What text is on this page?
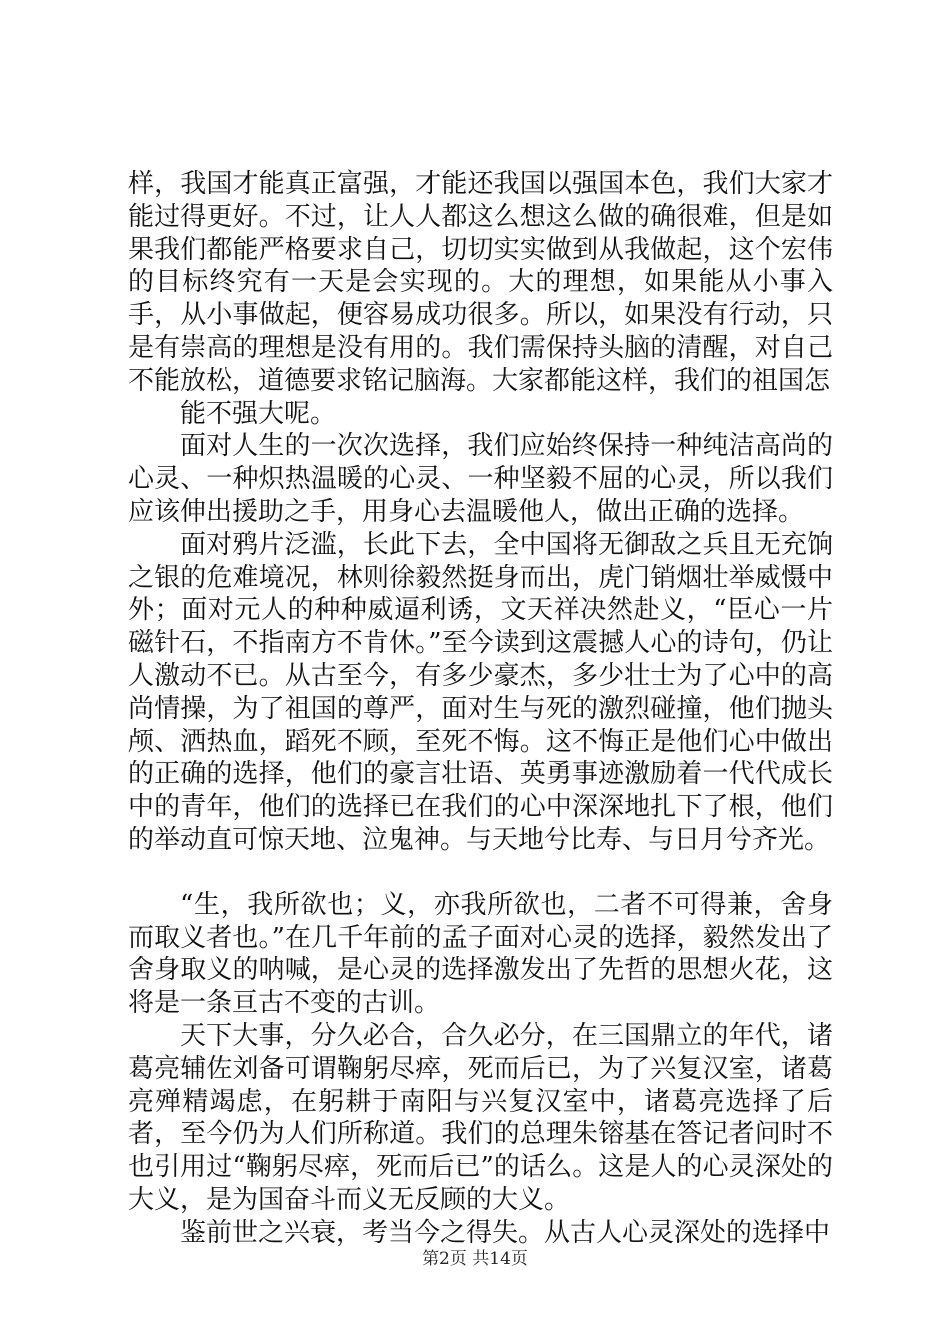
样，我国才能真正富强，才能还我国以强国本色，我们大家才能过得更好。不过，让人人都这么想这么做的确很难，但是如果我们都能严格要求自己，切切实实做到从我做起，这个宏伟的目标终究有一天是会实现的。大的理想，如果能从小事入手，从小事做起，便容易成功很多。所以，如果没有行动，只是有崇高的理想是没有用的。我们需保持头脑的清醒，对自己不能放松，道德要求铭记脑海。大家都能这样，我们的祖国怎

能不强大呢。

面对人生的一次次选择，我们应始终保持一种纯洁高尚的心灵、一种炽热温暖的心灵、一种坚毅不屈的心灵，所以我们应该伸出援助之手，用身心去温暖他人，做出正确的选择。

面对鸦片泛滥，长此下去，全中国将无御敌之兵且无充饷之银的危难境况，林则徐毅然挺身而出，虎门销烟壮举威慑中外；面对元人的种种威逼利诱，文天祥决然赴义，“臣心一片磁针石，不指南方不肯休。”至今读到这震撼人心的诗句，仍让人激动不已。从古至今，有多少豪杰，多少壮士为了心中的高尚情操，为了祖国的尊严，面对生与死的激烈碰撞，他们抛头颅、洒热血，蹈死不顾，至死不悔。这不悔正是他们心中做出的正确的选择，他们的豪言壮语、英勇事迹激励着一代代成长中的青年，他们的选择已在我们的心中深深地扎下了根，他们的举动直可惊天地、泣鬼神。与天地兮比寿、与日月兮齐光。

“生，我所欲也；义，亦我所欲也，二者不可得兼，舍身而取义者也。”在几千年前的孟子面对心灵的选择，毅然发出了舍身取义的呐喊，是心灵的选择激发出了先哲的思想火花，这将是一条亘古不变的古训。

天下大事，分久必合，合久必分，在三国鼎立的年代，诸葛亮辅佐刘备可谓鞠躬尽瘁，死而后已，为了兴复汉室，诸葛亮殚精竭虑，在躬耕于南阳与兴复汉室中，诸葛亮选择了后者，至今仍为人们所称道。我们的总理朱镕基在答记者问时不也引用过“鞠躬尽瘁，死而后已”的话么。这是人的心灵深处的大义，是为国奋斗而义无反顾的大义。

鉴前世之兴衰，考当今之得失。从古人心灵深处的选择中

第2页 共14页
